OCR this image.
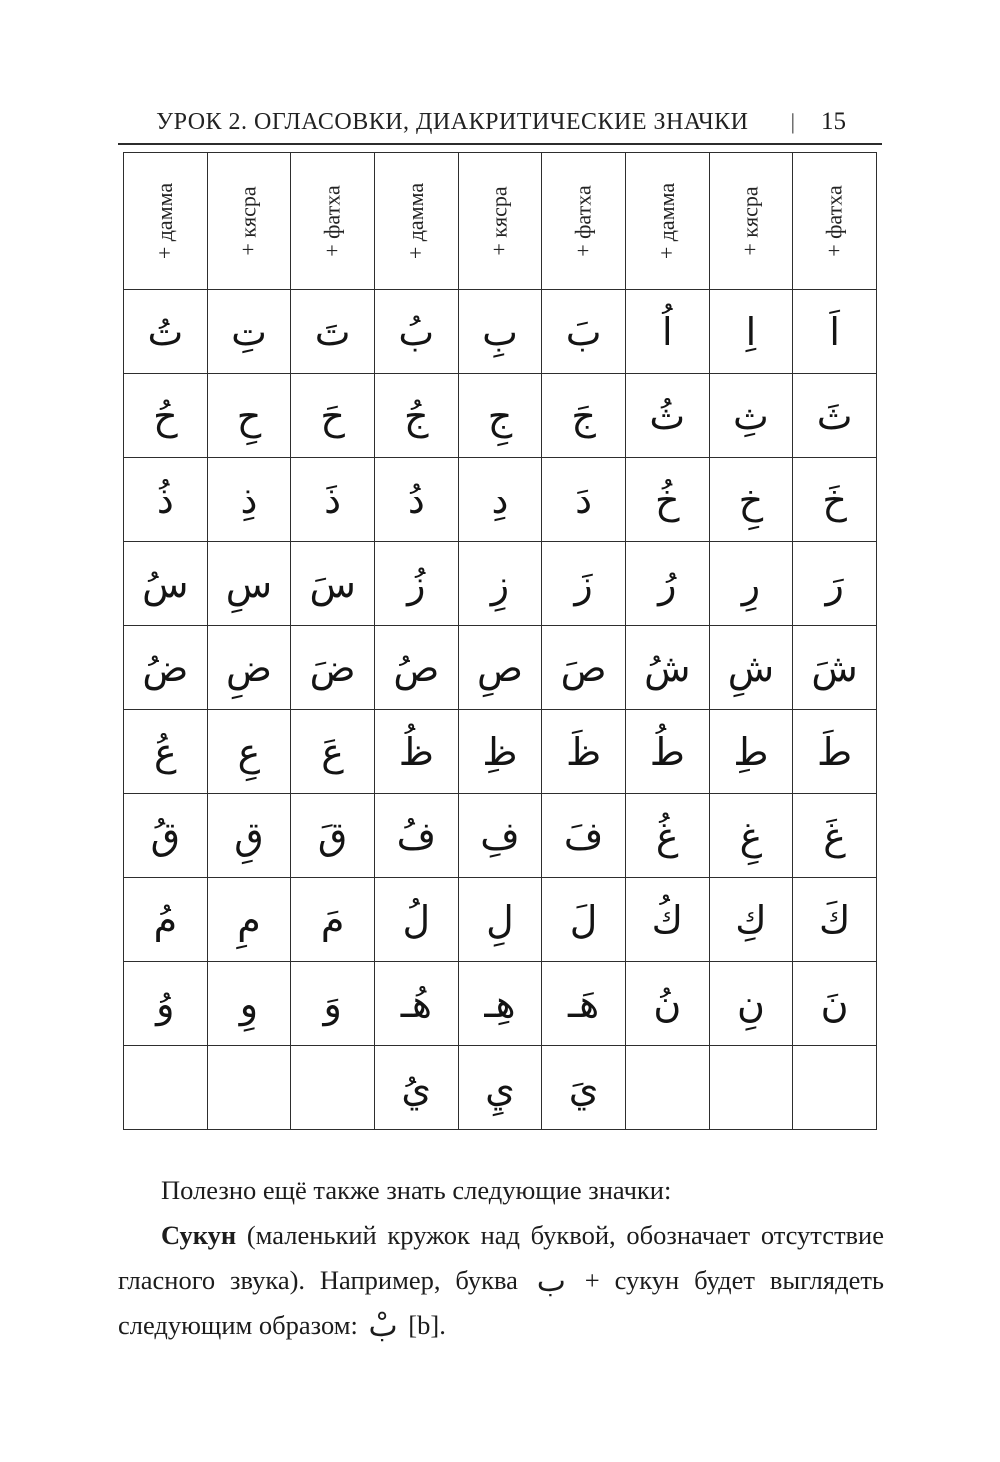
УРОК 2. ОГЛАСОВКИ, ДИАКРИТИЧЕСКИЕ ЗНАЧКИ	|	15
+ дамма	+ кясра	+ фатха	+ дамма	+ кясра	+ фатха	+ дамма	+ кясра	+ фатха

تُ	تِ	تَ	بُ	بِ	بَ	اُ	اِ	اَ
حُ	حِ	حَ	جُ	جِ	جَ	ثُ	ثِ	ثَ
ذُ	ذِ	ذَ	دُ	دِ	دَ	خُ	خِ	خَ
سُ	سِ	سَ	زُ	زِ	زَ	رُ	رِ	رَ
ضُ	ضِ	ضَ	صُ	صِ	صَ	شُ	شِ	شَ
عُ	عِ	عَ	ظُ	ظِ	ظَ	طُ	طِ	طَ
قُ	قِ	قَ	فُ	فِ	فَ	غُ	غِ	غَ
مُ	مِ	مَ	لُ	لِ	لَ	كُ	كِ	كَ
وُ	وِ	وَ	هُـ	هِـ	هَـ	نُ	نِ	نَ
			يُ	يِ	يَ			

Полезно ещё также знать следующие значки:

Сукун (маленький кружок над буквой, обозначает отсутствие гласного звука). Например, буква ب + сукун будет выглядеть следующим образом: بْ [b].
